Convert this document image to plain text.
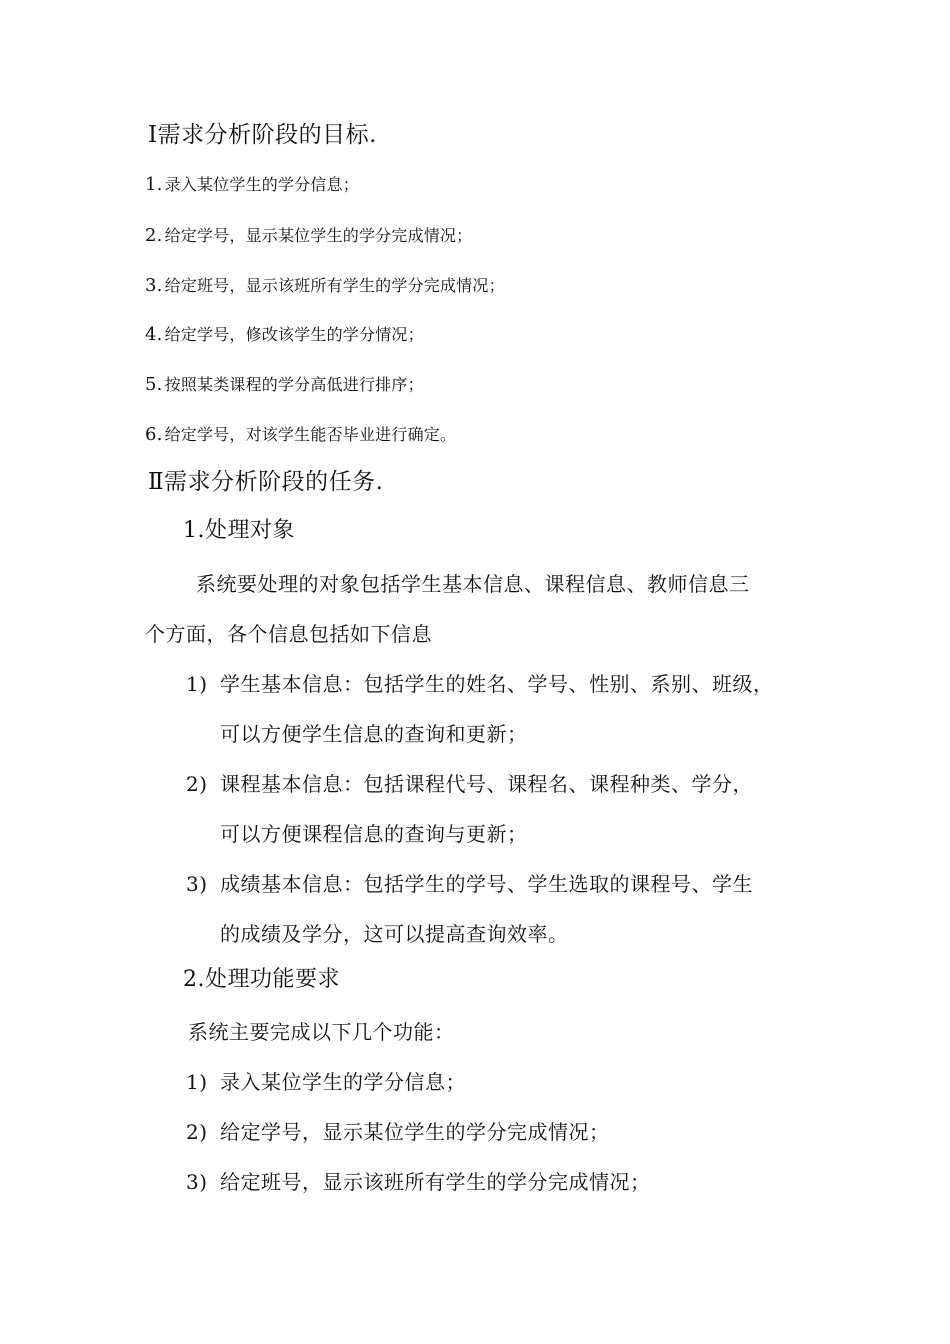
Ⅰ需求分析阶段的目标.
1. 录入某位学生的学分信息；
2. 给定学号，显示某位学生的学分完成情况；
3. 给定班号，显示该班所有学生的学分完成情况；
4. 给定学号，修改该学生的学分情况；
5. 按照某类课程的学分高低进行排序；
6. 给定学号，对该学生能否毕业进行确定。
Ⅱ需求分析阶段的任务.
1.处理对象
系统要处理的对象包括学生基本信息、课程信息、教师信息三
个方面，各个信息包括如下信息
1) 学生基本信息：包括学生的姓名、学号、性别、系别、班级，
可以方便学生信息的查询和更新；
2) 课程基本信息：包括课程代号、课程名、课程种类、学分，
可以方便课程信息的查询与更新；
3) 成绩基本信息：包括学生的学号、学生选取的课程号、学生
的成绩及学分，这可以提高查询效率。
2.处理功能要求
系统主要完成以下几个功能：
1) 录入某位学生的学分信息；
2) 给定学号，显示某位学生的学分完成情况；
3) 给定班号，显示该班所有学生的学分完成情况；
